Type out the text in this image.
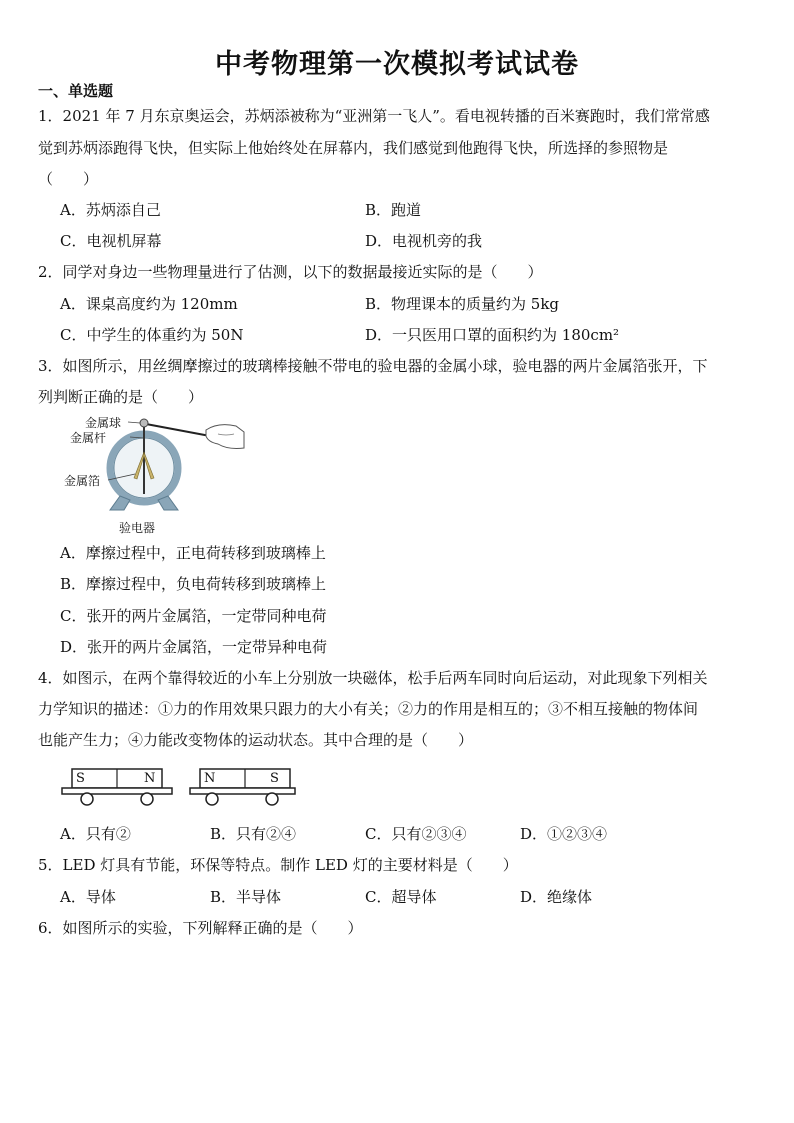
中考物理第一次模拟考试试卷
一、单选题
1．2021 年 7 月东京奥运会，苏炳添被称为“亚洲第一飞人”。看电视转播的百米赛跑时，我们常常感
觉到苏炳添跑得飞快，但实际上他始终处在屏幕内，我们感觉到他跑得飞快，所选择的参照物是
（　　）
A．苏炳添自己	B．跑道
C．电视机屏幕	D．电视机旁的我
2．同学对身边一些物理量进行了估测，以下的数据最接近实际的是（　　）
A．课桌高度约为 120mm	B．物理课本的质量约为 5kg
C．中学生的体重约为 50N	D．一只医用口罩的面积约为 180cm²
3．如图所示，用丝绸摩擦过的玻璃棒接触不带电的验电器的金属小球，验电器的两片金属箔张开，下
列判断正确的是（　　）
金属球
金属杆
金属箔
验电器
A．摩擦过程中，正电荷转移到玻璃棒上
B．摩擦过程中，负电荷转移到玻璃棒上
C．张开的两片金属箔，一定带同种电荷
D．张开的两片金属箔，一定带异种电荷
4．如图示，在两个靠得较近的小车上分别放一块磁体，松手后两车同时向后运动，对此现象下列相关
力学知识的描述：①力的作用效果只跟力的大小有关；②力的作用是相互的；③不相互接触的物体间
也能产生力；④力能改变物体的运动状态。其中合理的是（　　）
S	N	N	S
A．只有②	B．只有②④	C．只有②③④	D．①②③④
5．LED 灯具有节能，环保等特点。制作 LED 灯的主要材料是（　　）
A．导体	B．半导体	C．超导体	D．绝缘体
6．如图所示的实验，下列解释正确的是（　　）
